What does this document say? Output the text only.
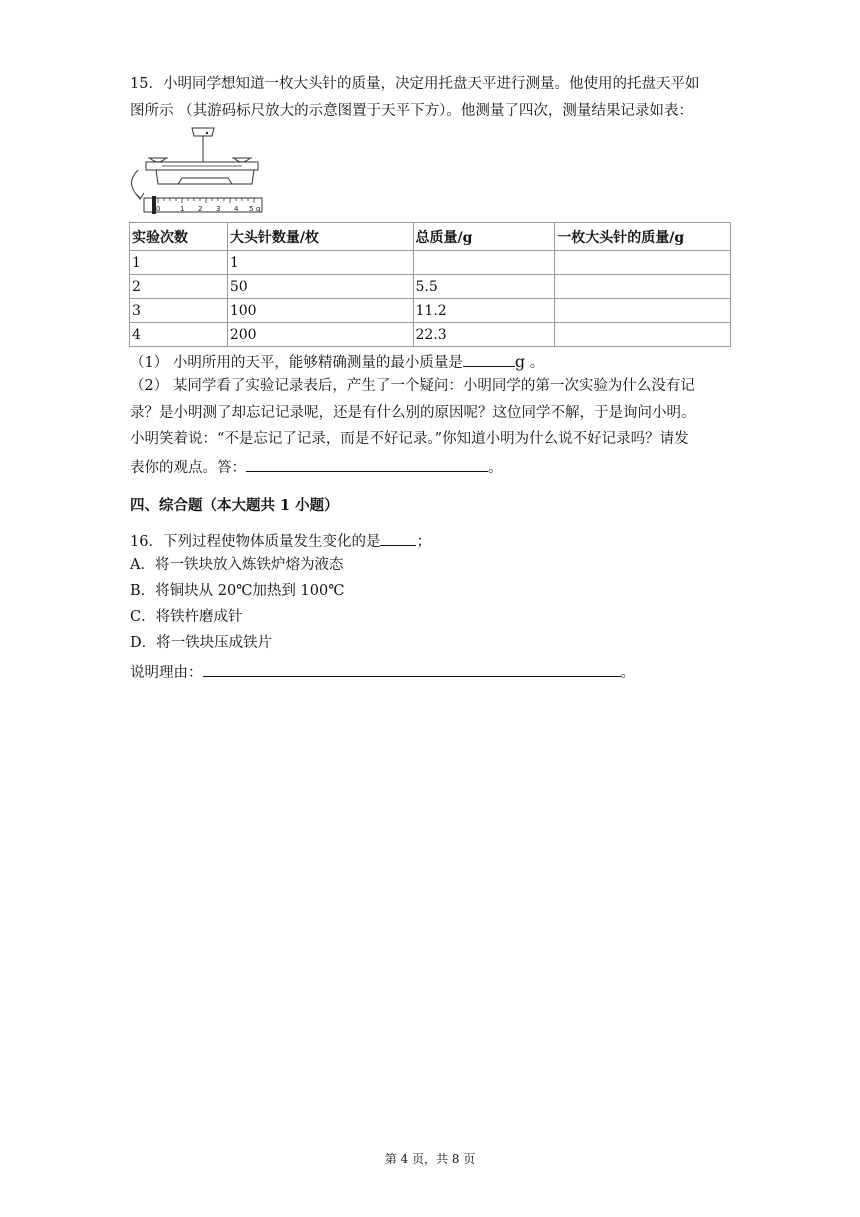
15．小明同学想知道一枚大头针的质量，决定用托盘天平进行测量。他使用的托盘天平如
图所示 （其游码标尺放大的示意图置于天平下方）。他测量了四次，测量结果记录如表：
0	1 2 3 4 5 g
实验次数	大头针数量/枚	总质量/g	一枚大头针的质量/g
1	1		
2	50	5.5	
3	100	11.2	
4	200	22.3	
（1） 小明所用的天平，能够精确测量的最小质量是	g 。
（2） 某同学看了实验记录表后，产生了一个疑问：小明同学的第一次实验为什么没有记
录？是小明测了却忘记记录呢，还是有什么别的原因呢？这位同学不解，于是询问小明。
小明笑着说：“不是忘记了记录，而是不好记录。”你知道小明为什么说不好记录吗？请发
表你的观点。答：	。
四、综合题（本大题共 1 小题）
16．下列过程使物体质量发生变化的是 ；
A．将一铁块放入炼铁炉熔为液态
B．将铜块从 20℃加热到 100℃
C．将铁杵磨成针
D．将一铁块压成铁片
说明理由：	。
第 4 页，共 8 页
